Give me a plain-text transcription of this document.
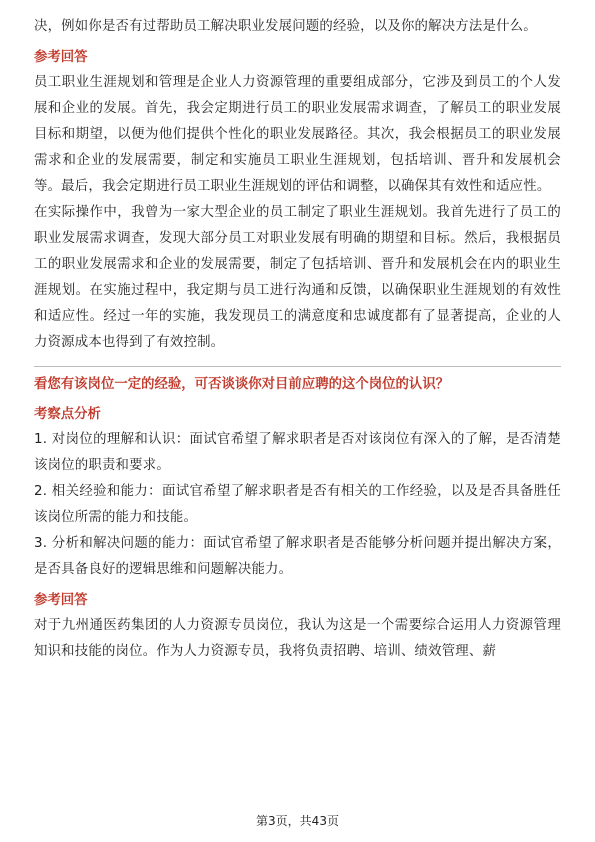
决，例如你是否有过帮助员工解决职业发展问题的经验，以及你的解决方法是什么。

参考回答

员工职业生涯规划和管理是企业人力资源管理的重要组成部分，它涉及到员工的个人发展和企业的发展。首先，我会定期进行员工的职业发展需求调查，了解员工的职业发展目标和期望，以便为他们提供个性化的职业发展路径。其次，我会根据员工的职业发展需求和企业的发展需要，制定和实施员工职业生涯规划，包括培训、晋升和发展机会等。最后，我会定期进行员工职业生涯规划的评估和调整，以确保其有效性和适应性。

在实际操作中，我曾为一家大型企业的员工制定了职业生涯规划。我首先进行了员工的职业发展需求调查，发现大部分员工对职业发展有明确的期望和目标。然后，我根据员工的职业发展需求和企业的发展需要，制定了包括培训、晋升和发展机会在内的职业生涯规划。在实施过程中，我定期与员工进行沟通和反馈，以确保职业生涯规划的有效性和适应性。经过一年的实施，我发现员工的满意度和忠诚度都有了显著提高，企业的人力资源成本也得到了有效控制。

看您有该岗位一定的经验，可否谈谈你对目前应聘的这个岗位的认识？

考察点分析

1. 对岗位的理解和认识：面试官希望了解求职者是否对该岗位有深入的了解，是否清楚该岗位的职责和要求。

2. 相关经验和能力：面试官希望了解求职者是否有相关的工作经验，以及是否具备胜任该岗位所需的能力和技能。

3. 分析和解决问题的能力：面试官希望了解求职者是否能够分析问题并提出解决方案，是否具备良好的逻辑思维和问题解决能力。

参考回答

对于九州通医药集团的人力资源专员岗位，我认为这是一个需要综合运用人力资源管理知识和技能的岗位。作为人力资源专员，我将负责招聘、培训、绩效管理、薪

第3页，共43页
